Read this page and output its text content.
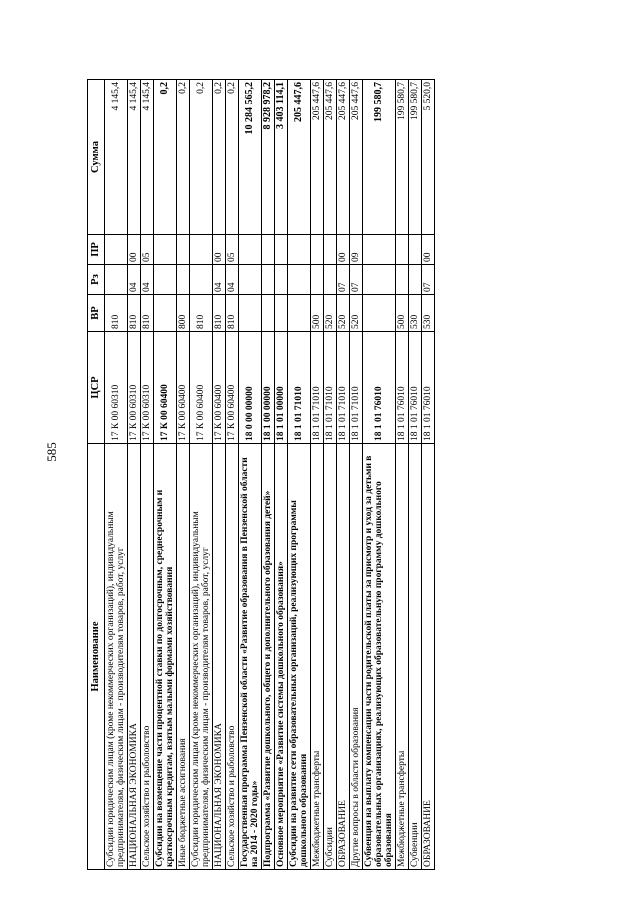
585
Наименование	ЦСР	ВР	Рз	ПР	Сумма
Субсидии юридическим лицам (кроме некоммерческих организаций), индивидуальным предпринимателям, физическим лицам - производителям товаров, работ, услуг	17 К 00 60310	810			4 145,4
НАЦИОНАЛЬНАЯ ЭКОНОМИКА	17 К 00 60310	810	04	00	4 145,4
Сельское хозяйство и рыболовство	17 К 00 60310	810	04	05	4 145,4
Субсидии на возмещение части процентной ставки по долгосрочным, среднесрочным и краткосрочным кредитам, взятым малыми формами хозяйствования	17 К 00 60400				0,2
Иные бюджетные ассигнования	17 К 00 60400	800			0,2
Субсидии юридическим лицам (кроме некоммерческих организаций), индивидуальным предпринимателям, физическим лицам - производителям товаров, работ, услуг	17 К 00 60400	810			0,2
НАЦИОНАЛЬНАЯ ЭКОНОМИКА	17 К 00 60400	810	04	00	0,2
Сельское хозяйство и рыболовство	17 К 00 60400	810	04	05	0,2
Государственная программа Пензенской области «Развитие образования в Пензенской области на 2014 - 2020 годы»	18 0 00 00000				10 284 565,2
Подпрограмма «Развитие дошкольного, общего и дополнительного образования детей»	18 1 00 00000				8 928 978,2
Основное мероприятие «Развитие системы дошкольного образования»	18 1 01 00000				3 403 114,1
Субсидии на развитие сети образовательных организаций, реализующих программы дошкольного образования	18 1 01 71010				205 447,6
Межбюджетные трансферты	18 1 01 71010	500			205 447,6
Субсидии	18 1 01 71010	520			205 447,6
ОБРАЗОВАНИЕ	18 1 01 71010	520	07	00	205 447,6
Другие вопросы в области образования	18 1 01 71010	520	07	09	205 447,6
Субвенция на выплату компенсации части родительской платы за присмотр и уход за детьми в образовательных организациях, реализующих образовательную программу дошкольного образования	18 1 01 76010				199 580,7
Межбюджетные трансферты	18 1 01 76010	500			199 580,7
Субвенции	18 1 01 76010	530			199 580,7
ОБРАЗОВАНИЕ	18 1 01 76010	530	07	00	5 520,0
